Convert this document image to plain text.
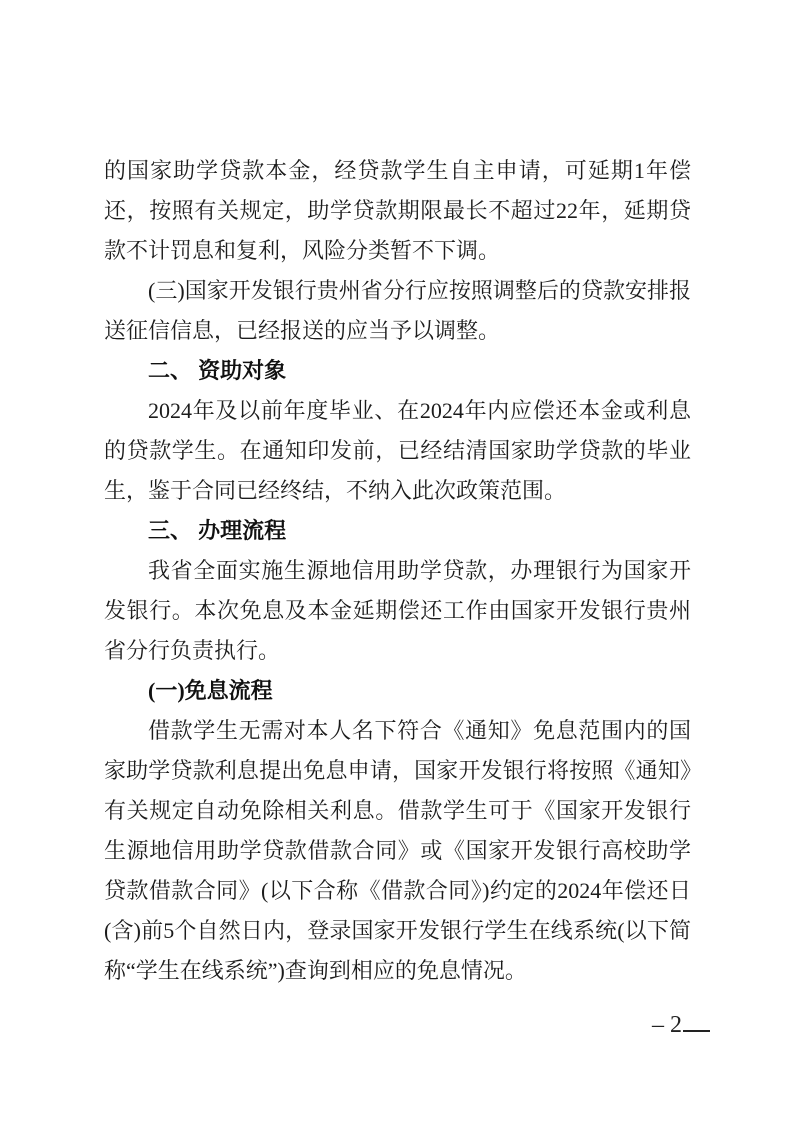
的国家助学贷款本金，经贷款学生自主申请，可延期1年偿还，按照有关规定，助学贷款期限最长不超过22年，延期贷款不计罚息和复利，风险分类暂不下调。

(三)国家开发银行贵州省分行应按照调整后的贷款安排报送征信信息，已经报送的应当予以调整。

二、 资助对象

2024年及以前年度毕业、在2024年内应偿还本金或利息的贷款学生。在通知印发前，已经结清国家助学贷款的毕业生，鉴于合同已经终结，不纳入此次政策范围。

三、 办理流程

我省全面实施生源地信用助学贷款，办理银行为国家开发银行。本次免息及本金延期偿还工作由国家开发银行贵州省分行负责执行。

(一)免息流程

借款学生无需对本人名下符合《通知》免息范围内的国家助学贷款利息提出免息申请，国家开发银行将按照《通知》有关规定自动免除相关利息。借款学生可于《国家开发银行生源地信用助学贷款借款合同》或《国家开发银行高校助学贷款借款合同》(以下合称《借款合同》)约定的2024年偿还日(含)前5个自然日内，登录国家开发银行学生在线系统(以下简称“学生在线系统”)查询到相应的免息情况。

– 2
